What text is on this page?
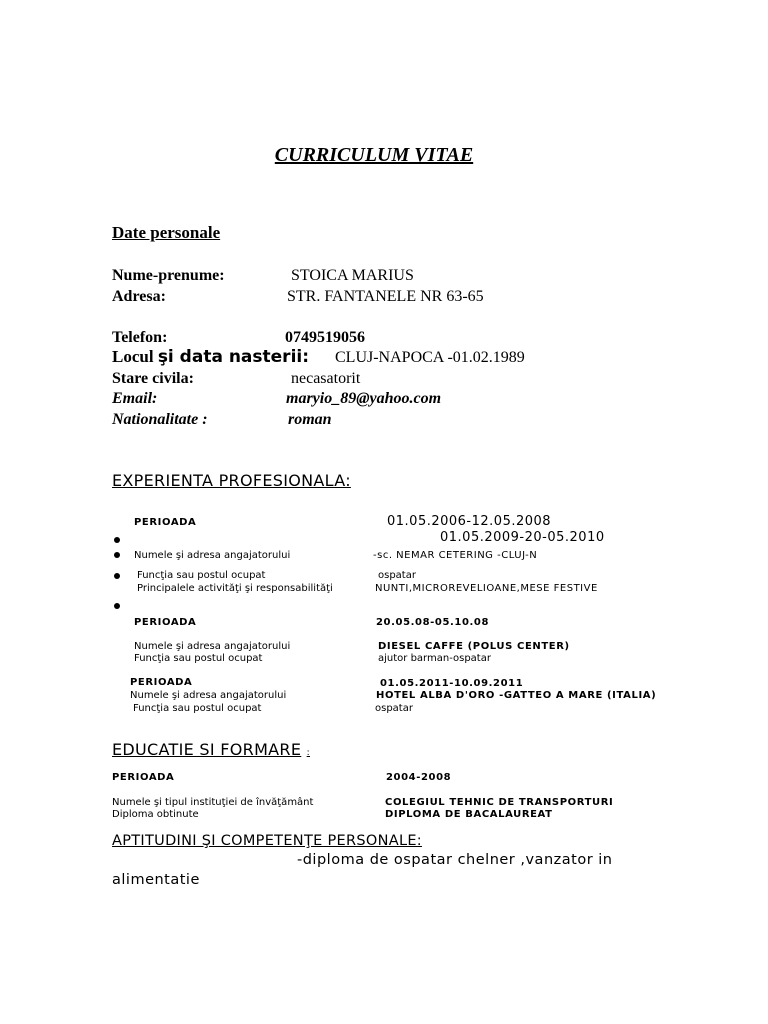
CURRICULUM VITAE
Date personale
Nume-prenume:	STOICA MARIUS
Adresa:	STR. FANTANELE NR 63-65
Telefon:	0749519056
Locul şi data nasterii: CLUJ-NAPOCA -01.02.1989
Stare civila:	necasatorit
Email:	maryio_89@yahoo.com
Nationalitate :	roman
EXPERIENTA PROFESIONALA:
PERIOADA	01.05.2006-12.05.2008
01.05.2009-20-05.2010
Numele şi adresa angajatorului	-sc. NEMAR CETERING -CLUJ-N
Funcţia sau postul ocupat	ospatar
Principalele activităţi şi responsabilităţi	NUNTI,MICROREVELIOANE,MESE FESTIVE
PERIOADA	20.05.08-05.10.08
Numele şi adresa angajatorului	DIESEL CAFFE (POLUS CENTER)
Funcţia sau postul ocupat	ajutor barman-ospatar
PERIOADA	01.05.2011-10.09.2011
Numele şi adresa angajatorului	HOTEL ALBA D'ORO -GATTEO A MARE (ITALIA)
Funcţia sau postul ocupat	ospatar
EDUCATIE SI FORMARE :
PERIOADA	2004-2008
Numele şi tipul instituţiei de învăţământ	COLEGIUL TEHNIC DE TRANSPORTURI
Diploma obtinute	DIPLOMA DE BACALAUREAT
APTITUDINI ŞI COMPETENŢE PERSONALE:
-diploma de ospatar chelner ,vanzator in
alimentatie
